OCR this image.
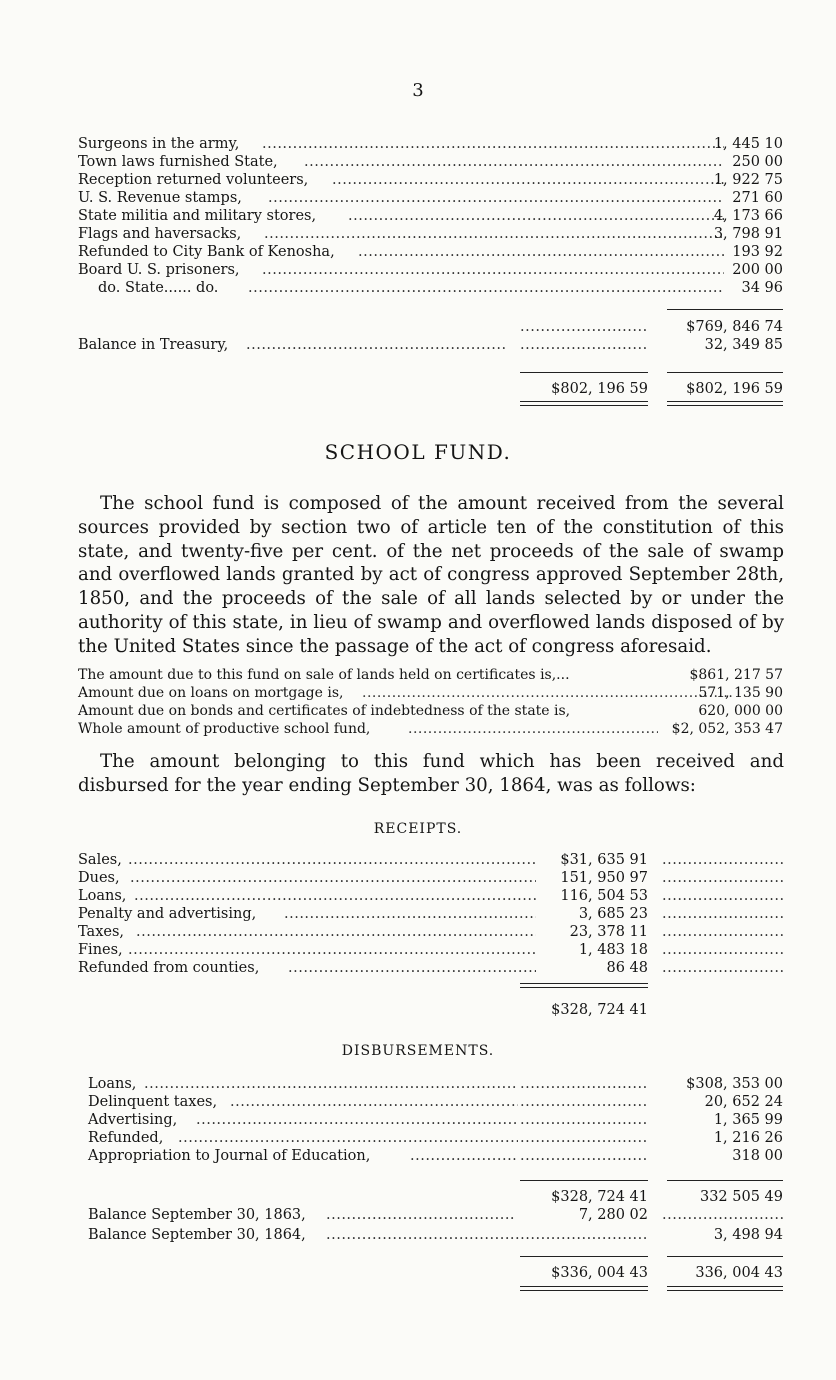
3
Surgeons in the army, .....	1, 445 10
Town laws furnished State, .....	250 00
Reception returned volunteers, .....	1, 922 75
U. S. Revenue stamps, .....	271 60
State militia and military stores, .....	4, 173 66
Flags and haversacks, .....	3, 798 91
Refunded to City Bank of Kenosha, .....	193 92
Board U. S. prisoners, .....	200 00
do. State...... do. .....	34 96
.....
$769, 846 74
Balance in Treasury, ..... .....	32, 349 85
$802, 196 59	$802, 196 59
SCHOOL FUND.
The school fund is composed of the amount received from the several sources provided by section two of article ten of the constitution of this state, and twenty-five per cent. of the net proceeds of the sale of swamp and overflowed lands granted by act of congress approved September 28th, 1850, and the proceeds of the sale of all lands selected by or under the authority of this state, in lieu of swamp and overflowed lands disposed of by the United States since the passage of the act of congress aforesaid.
The amount due to this fund on sale of lands held on certificates is,...	$861, 217 57
Amount due on loans on mortgage is, .....	571, 135 90
Amount due on bonds and certificates of indebtedness of the state is,	620, 000 00
Whole amount of productive school fund, .....	$2, 052, 353 47
The amount belonging to this fund which has been received and disbursed for the year ending September 30, 1864, was as follows:
RECEIPTS.
Sales, .....	$31, 635 91
.....
Dues, .....	151, 950 97
.....
Loans, .....	116, 504 53
.....
Penalty and advertising, .....	3, 685 23
.....
Taxes, .....	23, 378 11
.....
Fines, .....	1, 483 18
.....
Refunded from counties, .....	86 48
.....
$328, 724 41
DISBURSEMENTS.
Loans, ..... .....	$308, 353 00
Delinquent taxes, ..... .....	20, 652 24
Advertising, ..... .....	1, 365 99
Refunded, ..... .....	1, 216 26
Appropriation to Journal of Education, ..... .....	318 00
$328, 724 41	332 505 49
Balance September 30, 1863, .....	7, 280 02
.....
Balance September 30, 1864, .....	3, 498 94
$336, 004 43	336, 004 43
